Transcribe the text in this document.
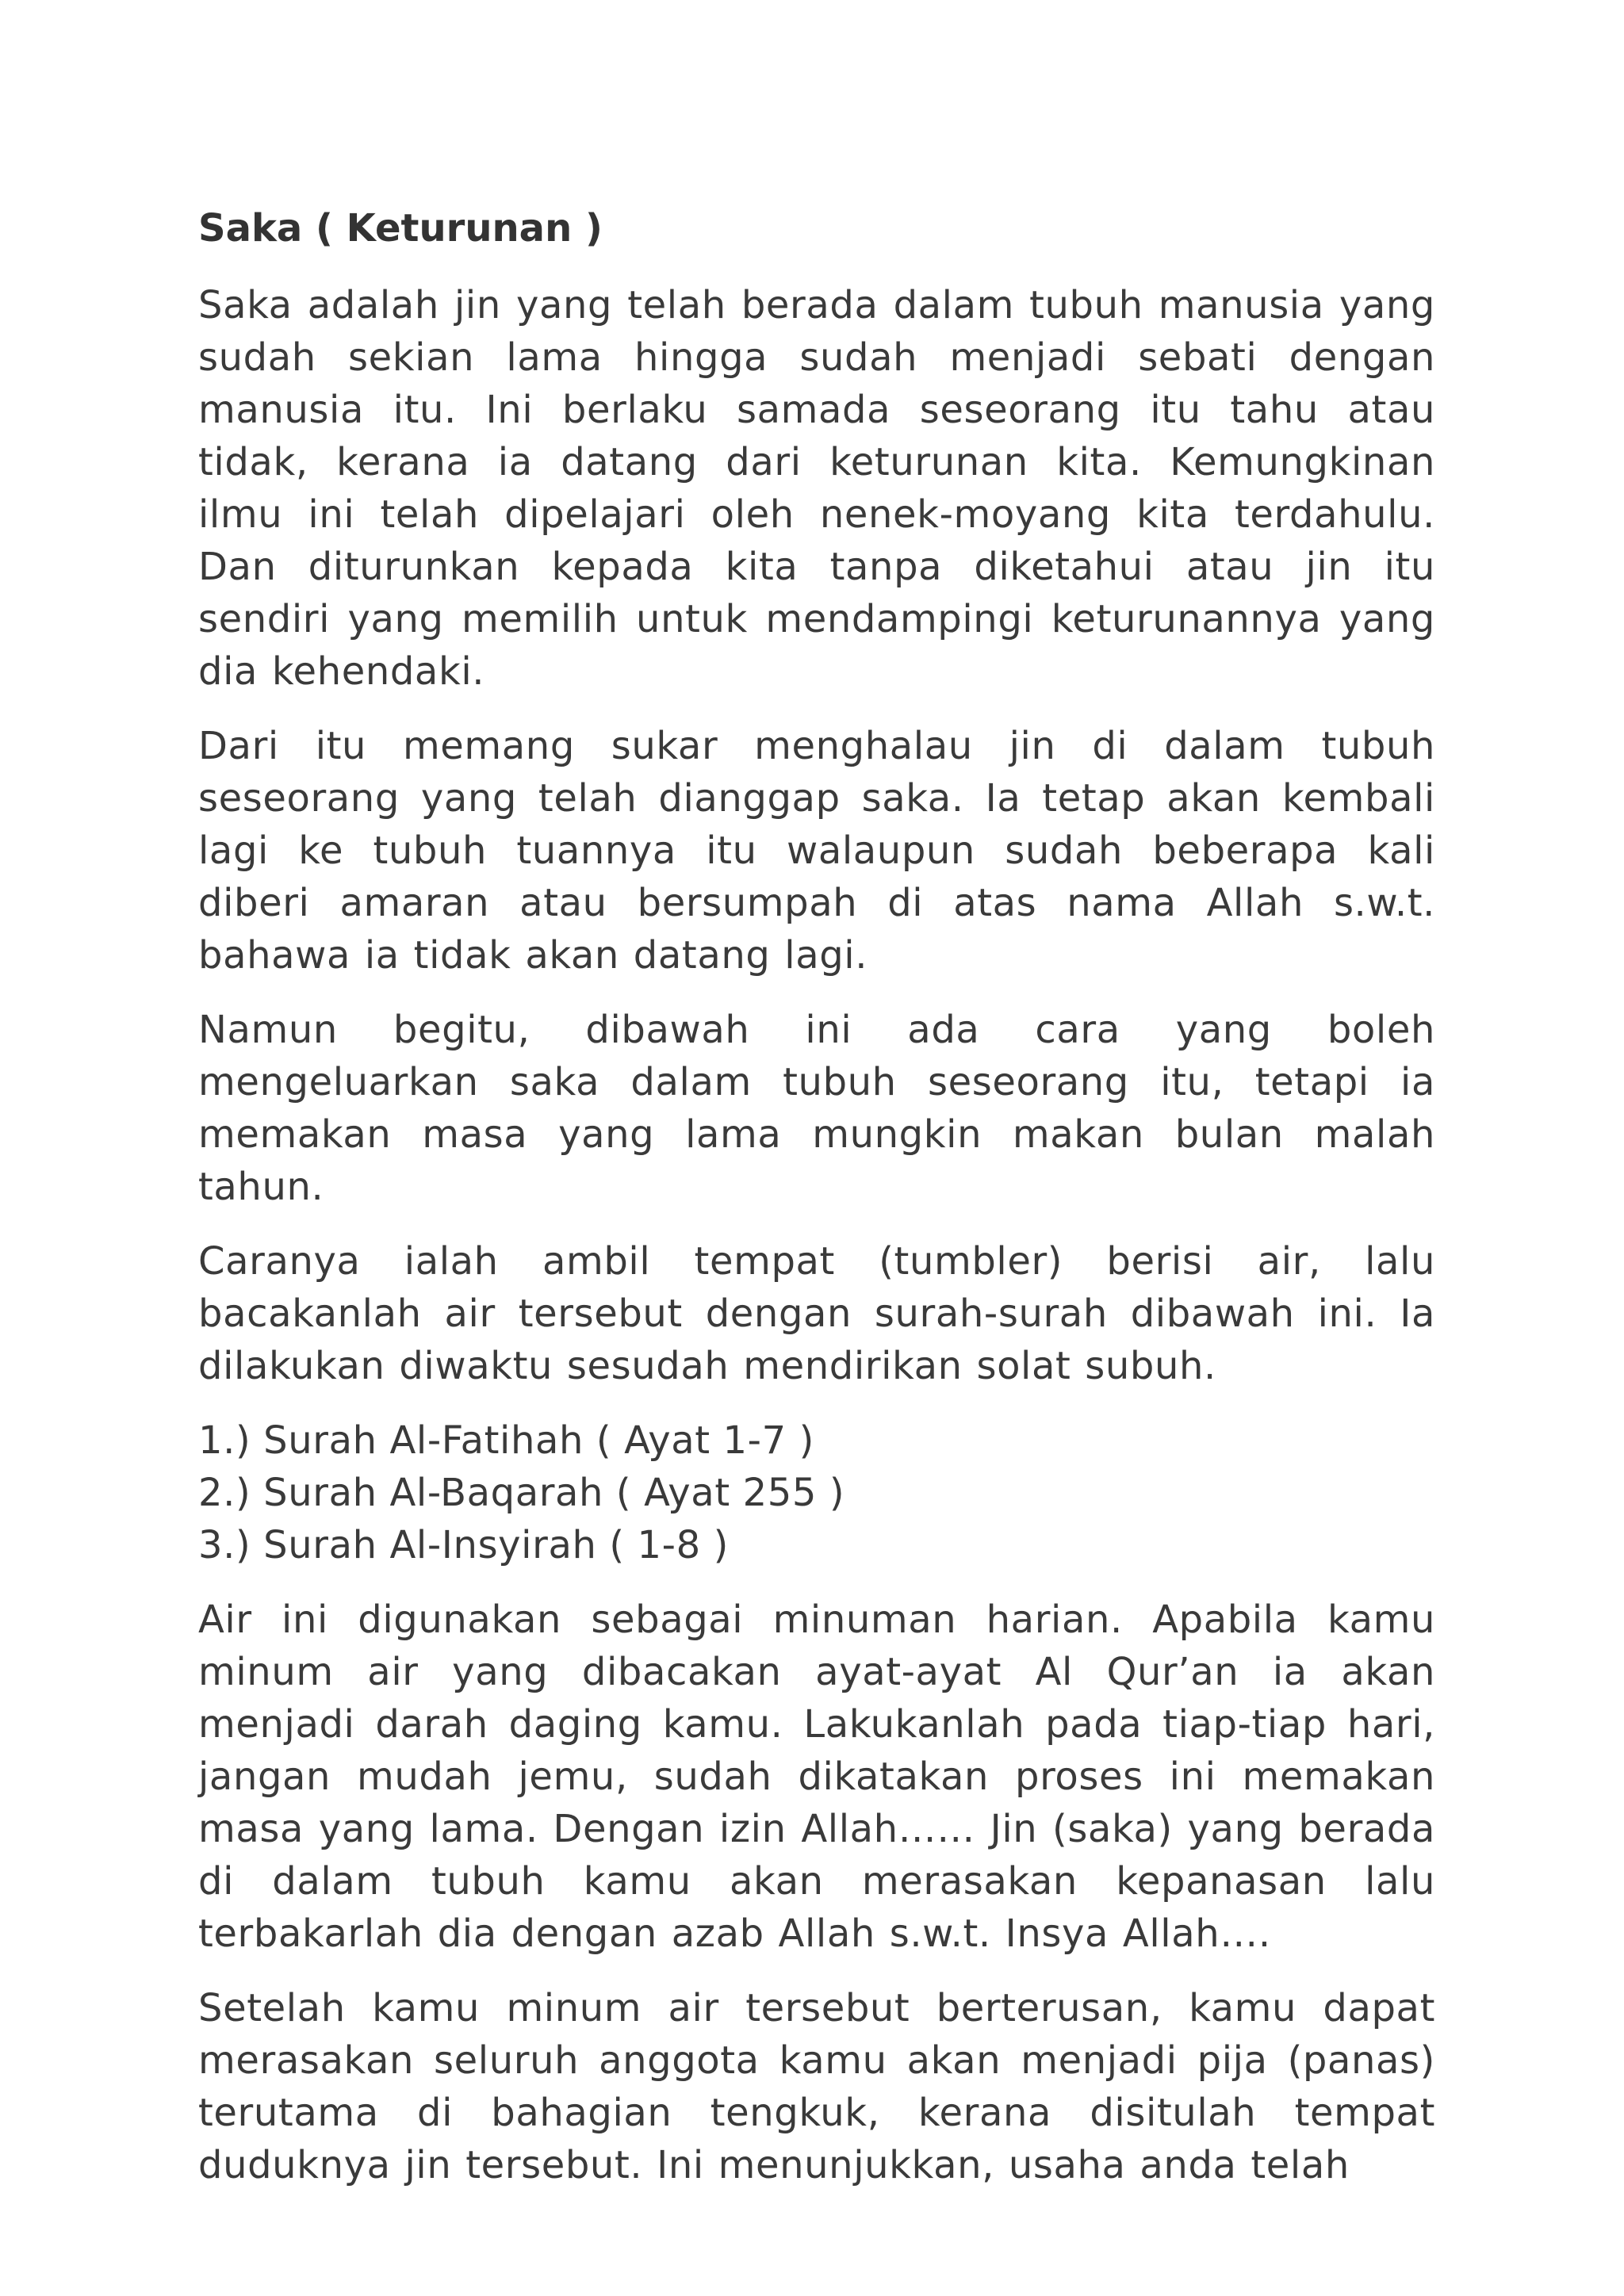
Saka ( Keturunan )

Saka adalah jin yang telah berada dalam tubuh manusia yang sudah sekian lama hingga sudah menjadi sebati dengan manusia itu. Ini berlaku samada seseorang itu tahu atau tidak, kerana ia datang dari keturunan kita. Kemungkinan ilmu ini telah dipelajari oleh nenek-moyang kita terdahulu. Dan diturunkan kepada kita tanpa diketahui atau jin itu sendiri yang memilih untuk mendampingi keturunannya yang dia kehendaki.

Dari itu memang sukar menghalau jin di dalam tubuh seseorang yang telah dianggap saka. Ia tetap akan kembali lagi ke tubuh tuannya itu walaupun sudah beberapa kali diberi amaran atau bersumpah di atas nama Allah s.w.t. bahawa ia tidak akan datang lagi.

Namun begitu, dibawah ini ada cara yang boleh mengeluarkan saka dalam tubuh seseorang itu, tetapi ia memakan masa yang lama mungkin makan bulan malah tahun.

Caranya ialah ambil tempat (tumbler) berisi air, lalu bacakanlah air tersebut dengan surah-surah dibawah ini. Ia dilakukan diwaktu sesudah mendirikan solat subuh.

1.) Surah Al-Fatihah ( Ayat 1-7 )
2.) Surah Al-Baqarah ( Ayat 255 )
3.) Surah Al-Insyirah ( 1-8 )

Air ini digunakan sebagai minuman harian. Apabila kamu minum air yang dibacakan ayat-ayat Al Qur’an ia akan menjadi darah daging kamu. Lakukanlah pada tiap-tiap hari, jangan mudah jemu, sudah dikatakan proses ini memakan masa yang lama. Dengan izin Allah…… Jin (saka) yang berada di dalam tubuh kamu akan merasakan kepanasan lalu terbakarlah dia dengan azab Allah s.w.t. Insya Allah….

Setelah kamu minum air tersebut berterusan, kamu dapat merasakan seluruh anggota kamu akan menjadi pija (panas) terutama di bahagian tengkuk, kerana disitulah tempat duduknya jin tersebut. Ini menunjukkan, usaha anda telah
